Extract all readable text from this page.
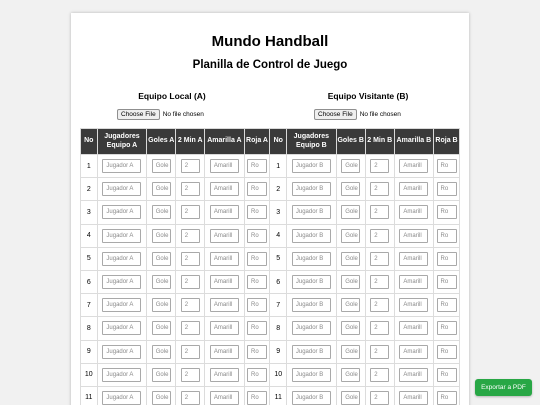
Mundo Handball
Planilla de Control de Juego
Equipo Local (A)	Equipo Visitante (B)
Choose File	No file chosen	Choose File	No file chosen
No	Jugadores Equipo A	Goles A	2 Min A	Amarilla A	Roja A	No	Jugadores Equipo B	Goles B	2 Min B	Amarilla B	Roja B
1	Jugador A	Gole	2	Amarill	Ro	1	Jugador B	Gole	2	Amarill	Ro
2	Jugador A	Gole	2	Amarill	Ro	2	Jugador B	Gole	2	Amarill	Ro
3	Jugador A	Gole	2	Amarill	Ro	3	Jugador B	Gole	2	Amarill	Ro
4	Jugador A	Gole	2	Amarill	Ro	4	Jugador B	Gole	2	Amarill	Ro
5	Jugador A	Gole	2	Amarill	Ro	5	Jugador B	Gole	2	Amarill	Ro
6	Jugador A	Gole	2	Amarill	Ro	6	Jugador B	Gole	2	Amarill	Ro
7	Jugador A	Gole	2	Amarill	Ro	7	Jugador B	Gole	2	Amarill	Ro
8	Jugador A	Gole	2	Amarill	Ro	8	Jugador B	Gole	2	Amarill	Ro
9	Jugador A	Gole	2	Amarill	Ro	9	Jugador B	Gole	2	Amarill	Ro
10	Jugador A	Gole	2	Amarill	Ro	10	Jugador B	Gole	2	Amarill	Ro
11	Jugador A	Gole	2	Amarill	Ro	11	Jugador B	Gole	2	Amarill	Ro
Exportar a PDF
